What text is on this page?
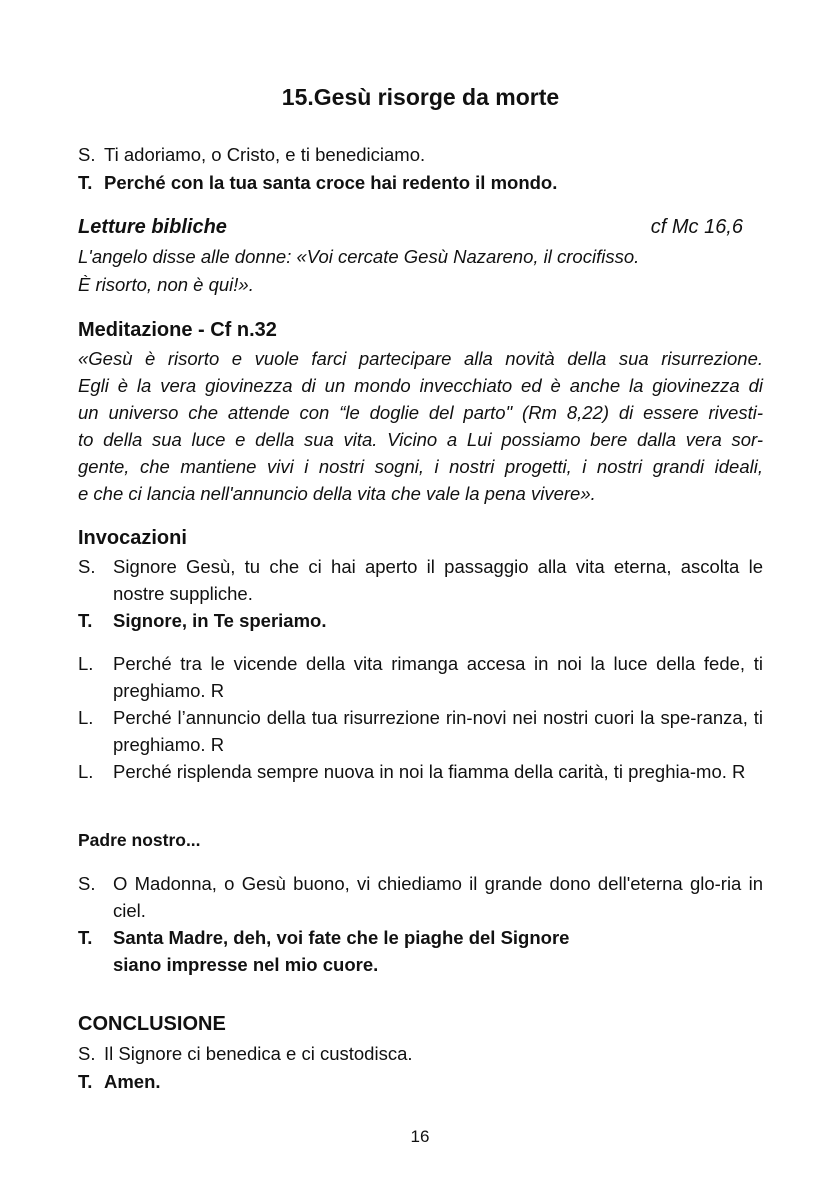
15.Gesù risorge da morte
S. Ti adoriamo, o Cristo, e ti benediciamo.
T. Perché con la tua santa croce hai redento il mondo.
Letture bibliche	cf Mc 16,6
L'angelo disse alle donne: «Voi cercate Gesù Nazareno, il crocifisso.
È risorto, non è qui!».
Meditazione - Cf n.32
«Gesù è risorto e vuole farci partecipare alla novità della sua risurrezione.
Egli è la vera giovinezza di un mondo invecchiato ed è anche la giovinezza di
un universo che attende con “le doglie del parto" (Rm 8,22) di essere rivesti-
to della sua luce e della sua vita. Vicino a Lui possiamo bere dalla vera sor-
gente, che mantiene vivi i nostri sogni, i nostri progetti, i nostri grandi ideali,
e che ci lancia nell'annuncio della vita che vale la pena vivere».
Invocazioni
S. Signore Gesù, tu che ci hai aperto il passaggio alla vita eterna, ascolta le nostre suppliche.
T.	Signore, in Te speriamo.
L.	Perché tra le vicende della vita rimanga accesa in noi la luce della fede, ti preghiamo. R
L.	Perché l’annuncio della tua risurrezione rin-novi nei nostri cuori la spe-ranza, ti preghiamo. R
L.	Perché risplenda sempre nuova in noi la fiamma della carità, ti preghia-mo. R
Padre nostro...
S. O Madonna, o Gesù buono, vi chiediamo il grande dono dell'eterna glo-ria in ciel.
T.	Santa Madre, deh, voi fate che le piaghe del Signore
siano impresse nel mio cuore.
CONCLUSIONE
S. Il Signore ci benedica e ci custodisca.
T. Amen.
16
